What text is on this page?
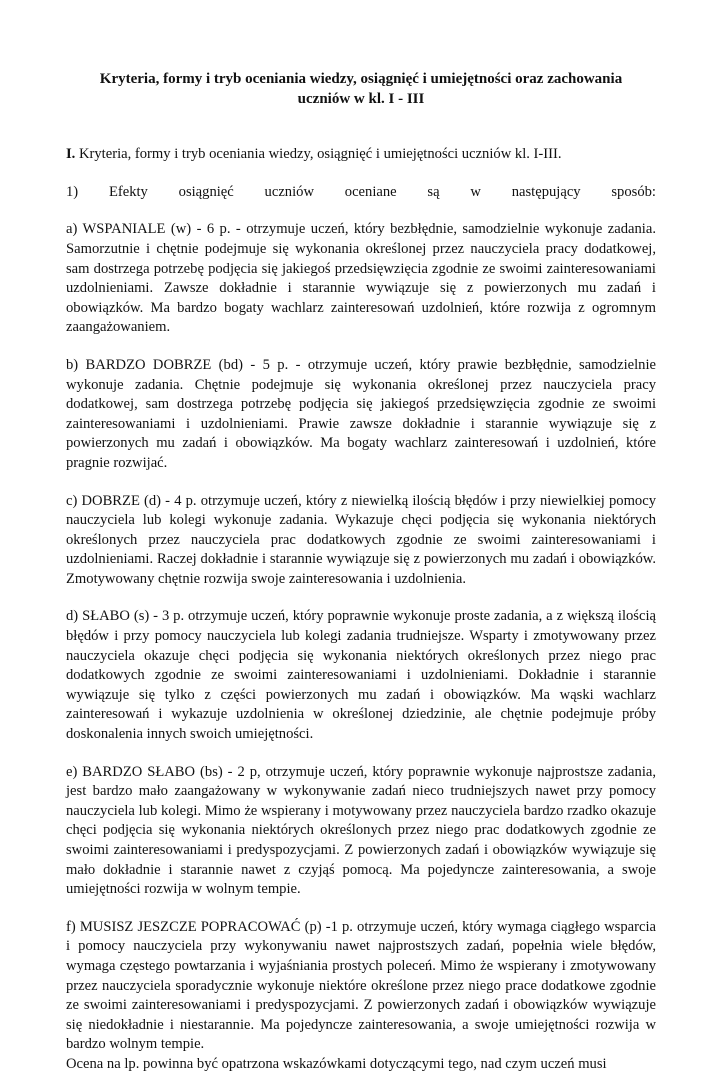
Kryteria, formy i tryb oceniania wiedzy, osiągnięć i umiejętności oraz zachowania uczniów w kl. I - III
I. Kryteria, formy i tryb oceniania wiedzy, osiągnięć i umiejętności uczniów kl. I-III.
1) Efekty osiągnięć uczniów oceniane są w następujący sposób:

a) WSPANIALE (w) - 6 p. - otrzymuje uczeń, który bezbłędnie, samodzielnie wykonuje zadania. Samorzutnie i chętnie podejmuje się wykonania określonej przez nauczyciela pracy dodatkowej, sam dostrzega potrzebę podjęcia się jakiegoś przedsięwzięcia zgodnie ze swoimi zainteresowaniami uzdolnieniami. Zawsze dokładnie i starannie wywiązuje się z powierzonych mu zadań i obowiązków. Ma bardzo bogaty wachlarz zainteresowań uzdolnień, które rozwija z ogromnym zaangażowaniem.

b) BARDZO DOBRZE (bd) - 5 p. - otrzymuje uczeń, który prawie bezbłędnie, samodzielnie wykonuje zadania. Chętnie podejmuje się wykonania określonej przez nauczyciela pracy dodatkowej, sam dostrzega potrzebę podjęcia się jakiegoś przedsięwzięcia zgodnie ze swoimi zainteresowaniami i uzdolnieniami. Prawie zawsze dokładnie i starannie wywiązuje się z powierzonych mu zadań i obowiązków. Ma bogaty wachlarz zainteresowań i uzdolnień, które pragnie rozwijać.

c) DOBRZE (d) - 4 p. otrzymuje uczeń, który z niewielką ilością błędów i przy niewielkiej pomocy nauczyciela lub kolegi wykonuje zadania. Wykazuje chęci podjęcia się wykonania niektórych określonych przez nauczyciela prac dodatkowych zgodnie ze swoimi zainteresowaniami i uzdolnieniami. Raczej dokładnie i starannie wywiązuje się z powierzonych mu zadań i obowiązków. Zmotywowany chętnie rozwija swoje zainteresowania i uzdolnienia.

d) SŁABO (s) - 3 p. otrzymuje uczeń, który poprawnie wykonuje proste zadania, a z większą ilością błędów i przy pomocy nauczyciela lub kolegi zadania trudniejsze. Wsparty i zmotywowany przez nauczyciela okazuje chęci podjęcia się wykonania niektórych określonych przez niego prac dodatkowych zgodnie ze swoimi zainteresowaniami i uzdolnieniami. Dokładnie i starannie wywiązuje się tylko z części powierzonych mu zadań i obowiązków. Ma wąski wachlarz zainteresowań i wykazuje uzdolnienia w określonej dziedzinie, ale chętnie podejmuje próby doskonalenia innych swoich umiejętności.

e) BARDZO SŁABO (bs) - 2 p, otrzymuje uczeń, który poprawnie wykonuje najprostsze zadania, jest bardzo mało zaangażowany w wykonywanie zadań nieco trudniejszych nawet przy pomocy nauczyciela lub kolegi. Mimo że wspierany i motywowany przez nauczyciela bardzo rzadko okazuje chęci podjęcia się wykonania niektórych określonych przez niego prac dodatkowych zgodnie ze swoimi zainteresowaniami i predyspozycjami. Z powierzonych zadań i obowiązków wywiązuje się mało dokładnie i starannie nawet z czyjąś pomocą. Ma pojedyncze zainteresowania, a swoje umiejętności rozwija w wolnym tempie.

f) MUSISZ JESZCZE POPRACOWAĆ (p) -1 p. otrzymuje uczeń, który wymaga ciągłego wsparcia i pomocy nauczyciela przy wykonywaniu nawet najprostszych zadań, popełnia wiele błędów, wymaga częstego powtarzania i wyjaśniania prostych poleceń. Mimo że wspierany i zmotywowany przez nauczyciela sporadycznie wykonuje niektóre określone przez niego prace dodatkowe zgodnie ze swoimi zainteresowaniami i predyspozycjami. Z powierzonych zadań i obowiązków wywiązuje się niedokładnie i niestarannie. Ma pojedyncze zainteresowania, a swoje umiejętności rozwija w bardzo wolnym tempie.

Ocena na lp. powinna być opatrzona wskazówkami dotyczącymi tego, nad czym uczeń musi
